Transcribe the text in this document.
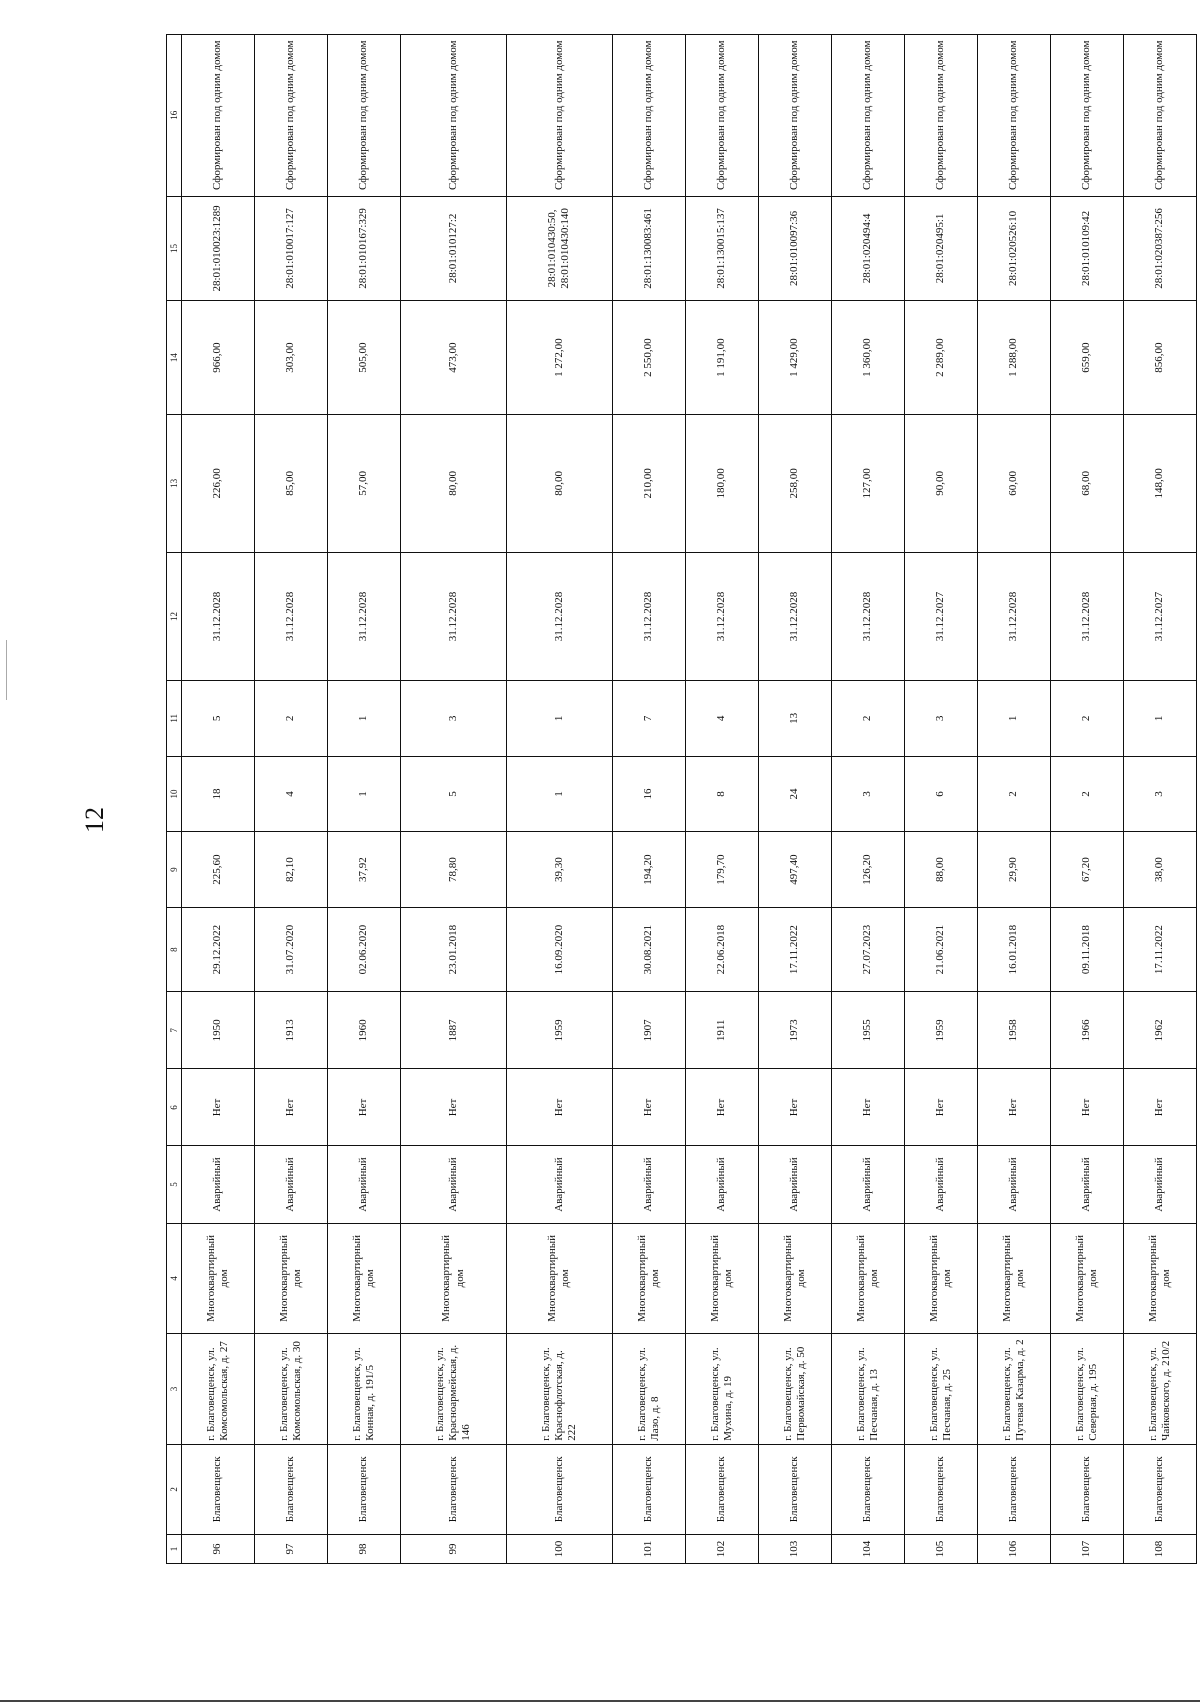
12
1	2	3	4	5	6	7	8	9	10	11	12	13	14	15	16
96	Благовещенск	г. Благовещенск, ул. Комсомольская, д. 27	Многоквартирный дом	Аварийный	Нет	1950	29.12.2022	225,60	18	5	31.12.2028	226,00	966,00	28:01:010023:1289	Сформирован под одним домом
97	Благовещенск	г. Благовещенск, ул. Комсомольская, д. 30	Многоквартирный дом	Аварийный	Нет	1913	31.07.2020	82,10	4	2	31.12.2028	85,00	303,00	28:01:010017:127	Сформирован под одним домом
98	Благовещенск	г. Благовещенск, ул. Конная, д. 191/5	Многоквартирный дом	Аварийный	Нет	1960	02.06.2020	37,92	1	1	31.12.2028	57,00	505,00	28:01:010167:329	Сформирован под одним домом
99	Благовещенск	г. Благовещенск, ул. Красноармейская, д. 146	Многоквартирный дом	Аварийный	Нет	1887	23.01.2018	78,80	5	3	31.12.2028	80,00	473,00	28:01:010127:2	Сформирован под одним домом
100	Благовещенск	г. Благовещенск, ул. Краснофлотская, д. 222	Многоквартирный дом	Аварийный	Нет	1959	16.09.2020	39,30	1	1	31.12.2028	80,00	1 272,00	28:01:010430:50, 28:01:010430:140	Сформирован под одним домом
101	Благовещенск	г. Благовещенск, ул. Лазо, д. 8	Многоквартирный дом	Аварийный	Нет	1907	30.08.2021	194,20	16	7	31.12.2028	210,00	2 550,00	28:01:130083:461	Сформирован под одним домом
102	Благовещенск	г. Благовещенск, ул. Мухина, д. 19	Многоквартирный дом	Аварийный	Нет	1911	22.06.2018	179,70	8	4	31.12.2028	180,00	1 191,00	28:01:130015:137	Сформирован под одним домом
103	Благовещенск	г. Благовещенск, ул. Первомайская, д. 50	Многоквартирный дом	Аварийный	Нет	1973	17.11.2022	497,40	24	13	31.12.2028	258,00	1 429,00	28:01:010097:36	Сформирован под одним домом
104	Благовещенск	г. Благовещенск, ул. Песчаная, д. 13	Многоквартирный дом	Аварийный	Нет	1955	27.07.2023	126,20	3	2	31.12.2028	127,00	1 360,00	28:01:020494:4	Сформирован под одним домом
105	Благовещенск	г. Благовещенск, ул. Песчаная, д. 25	Многоквартирный дом	Аварийный	Нет	1959	21.06.2021	88,00	6	3	31.12.2027	90,00	2 289,00	28:01:020495:1	Сформирован под одним домом
106	Благовещенск	г. Благовещенск, ул. Путевая Казарма, д. 2	Многоквартирный дом	Аварийный	Нет	1958	16.01.2018	29,90	2	1	31.12.2028	60,00	1 288,00	28:01:020526:10	Сформирован под одним домом
107	Благовещенск	г. Благовещенск, ул. Северная, д. 195	Многоквартирный дом	Аварийный	Нет	1966	09.11.2018	67,20	2	2	31.12.2028	68,00	659,00	28:01:010109:42	Сформирован под одним домом
108	Благовещенск	г. Благовещенск, ул. Чайковского, д. 210/2	Многоквартирный дом	Аварийный	Нет	1962	17.11.2022	38,00	3	1	31.12.2027	148,00	856,00	28:01:020387:256	Сформирован под одним домом
